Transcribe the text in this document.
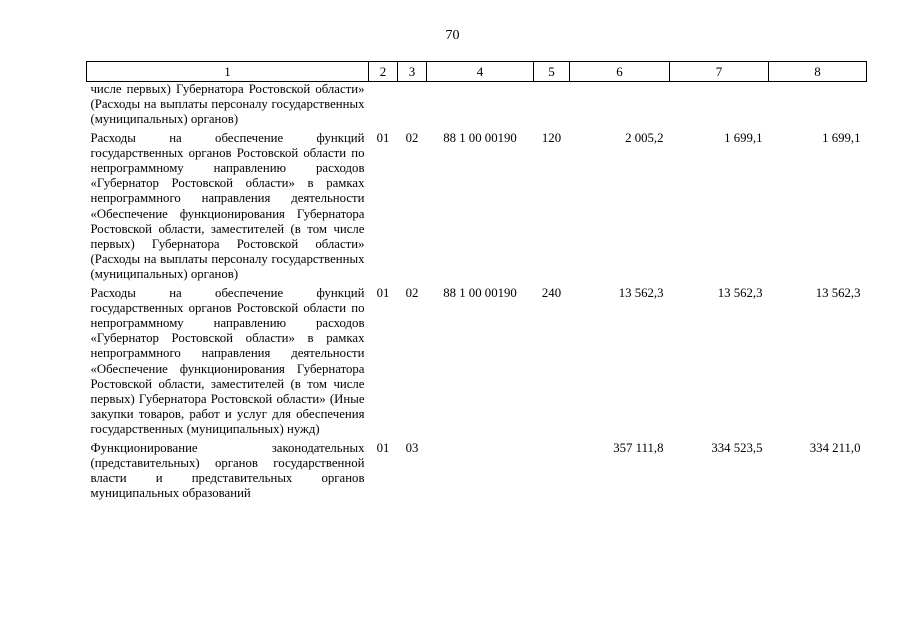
70
1	2	3	4	5	6	7	8
числе первых) Губернатора Ростовской области» (Расходы на выплаты персоналу государственных (муниципальных) органов)							
Расходы на обеспечение функций государственных органов Ростовской области по непрограммному направлению расходов «Губернатор Ростовской области» в рамках непрограммного направления деятельности «Обеспечение функционирования Губернатора Ростовской области, заместителей (в том числе первых) Губернатора Ростовской области» (Расходы на выплаты персоналу государственных (муниципальных) органов)	01	02	88 1 00 00190	120	2 005,2	1 699,1	1 699,1
Расходы на обеспечение функций государственных органов Ростовской области по непрограммному направлению расходов «Губернатор Ростовской области» в рамках непрограммного направления деятельности «Обеспечение функционирования Губернатора Ростовской области, заместителей (в том числе первых) Губернатора Ростовской области» (Иные закупки товаров, работ и услуг для обеспечения государственных (муниципальных) нужд)	01	02	88 1 00 00190	240	13 562,3	13 562,3	13 562,3
Функционирование законодательных (представительных) органов государственной власти и представительных органов муниципальных образований	01	03			357 111,8	334 523,5	334 211,0
